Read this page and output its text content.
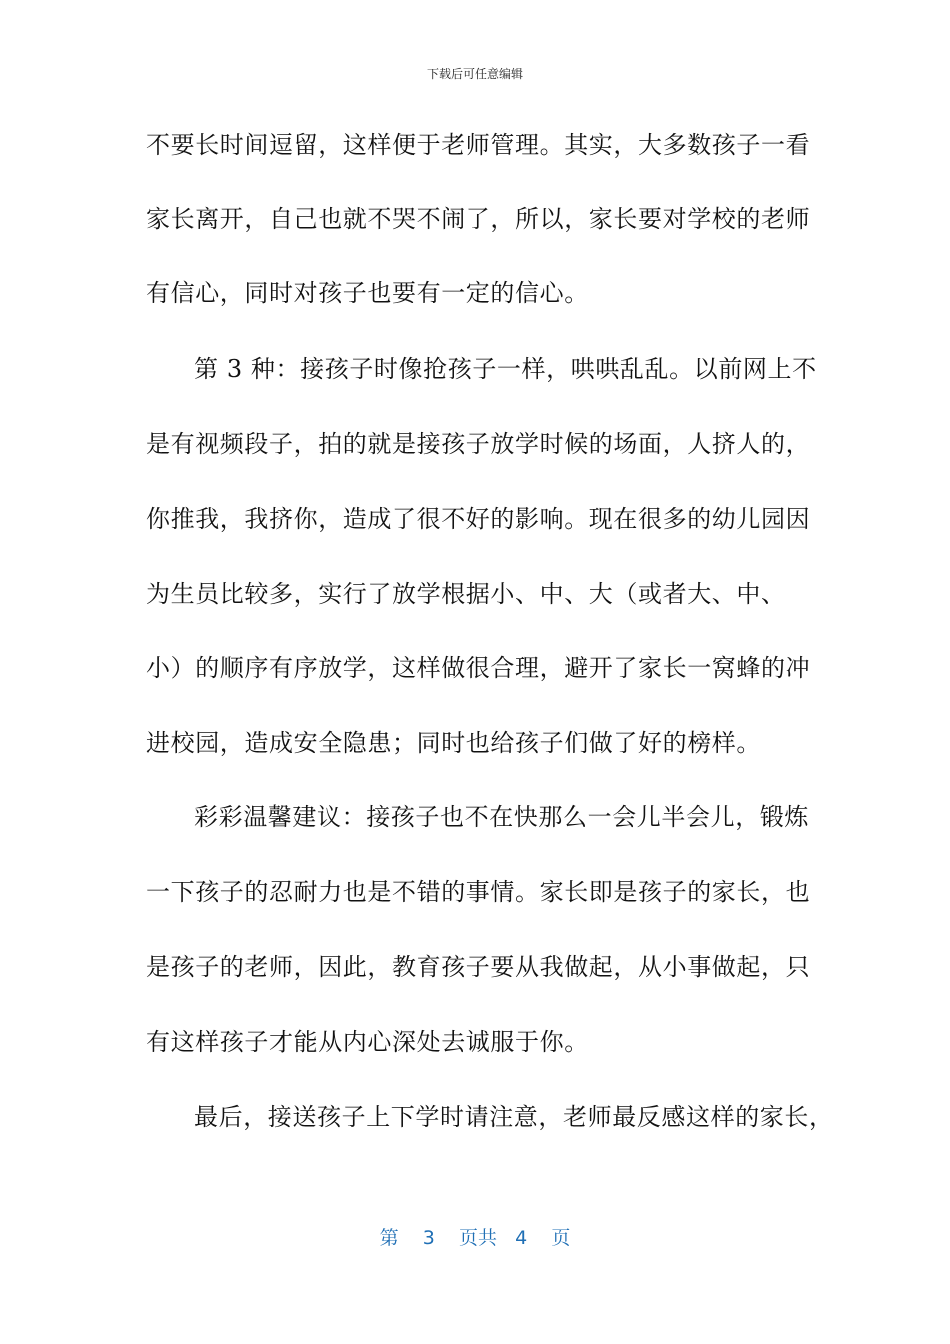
下载后可任意编辑
不要长时间逗留，这样便于老师管理。其实，大多数孩子一看
家长离开，自己也就不哭不闹了，所以，家长要对学校的老师
有信心，同时对孩子也要有一定的信心。
第 3 种：接孩子时像抢孩子一样，哄哄乱乱。以前网上不
是有视频段子，拍的就是接孩子放学时候的场面，人挤人的，
你推我，我挤你，造成了很不好的影响。现在很多的幼儿园因
为生员比较多，实行了放学根据小、中、大（或者大、中、
小）的顺序有序放学，这样做很合理，避开了家长一窝蜂的冲
进校园，造成安全隐患；同时也给孩子们做了好的榜样。
彩彩温馨建议：接孩子也不在快那么一会儿半会儿，锻炼
一下孩子的忍耐力也是不错的事情。家长即是孩子的家长，也
是孩子的老师，因此，教育孩子要从我做起，从小事做起，只
有这样孩子才能从内心深处去诚服于你。
最后，接送孩子上下学时请注意，老师最反感这样的家长，
第 3 页共 4 页
